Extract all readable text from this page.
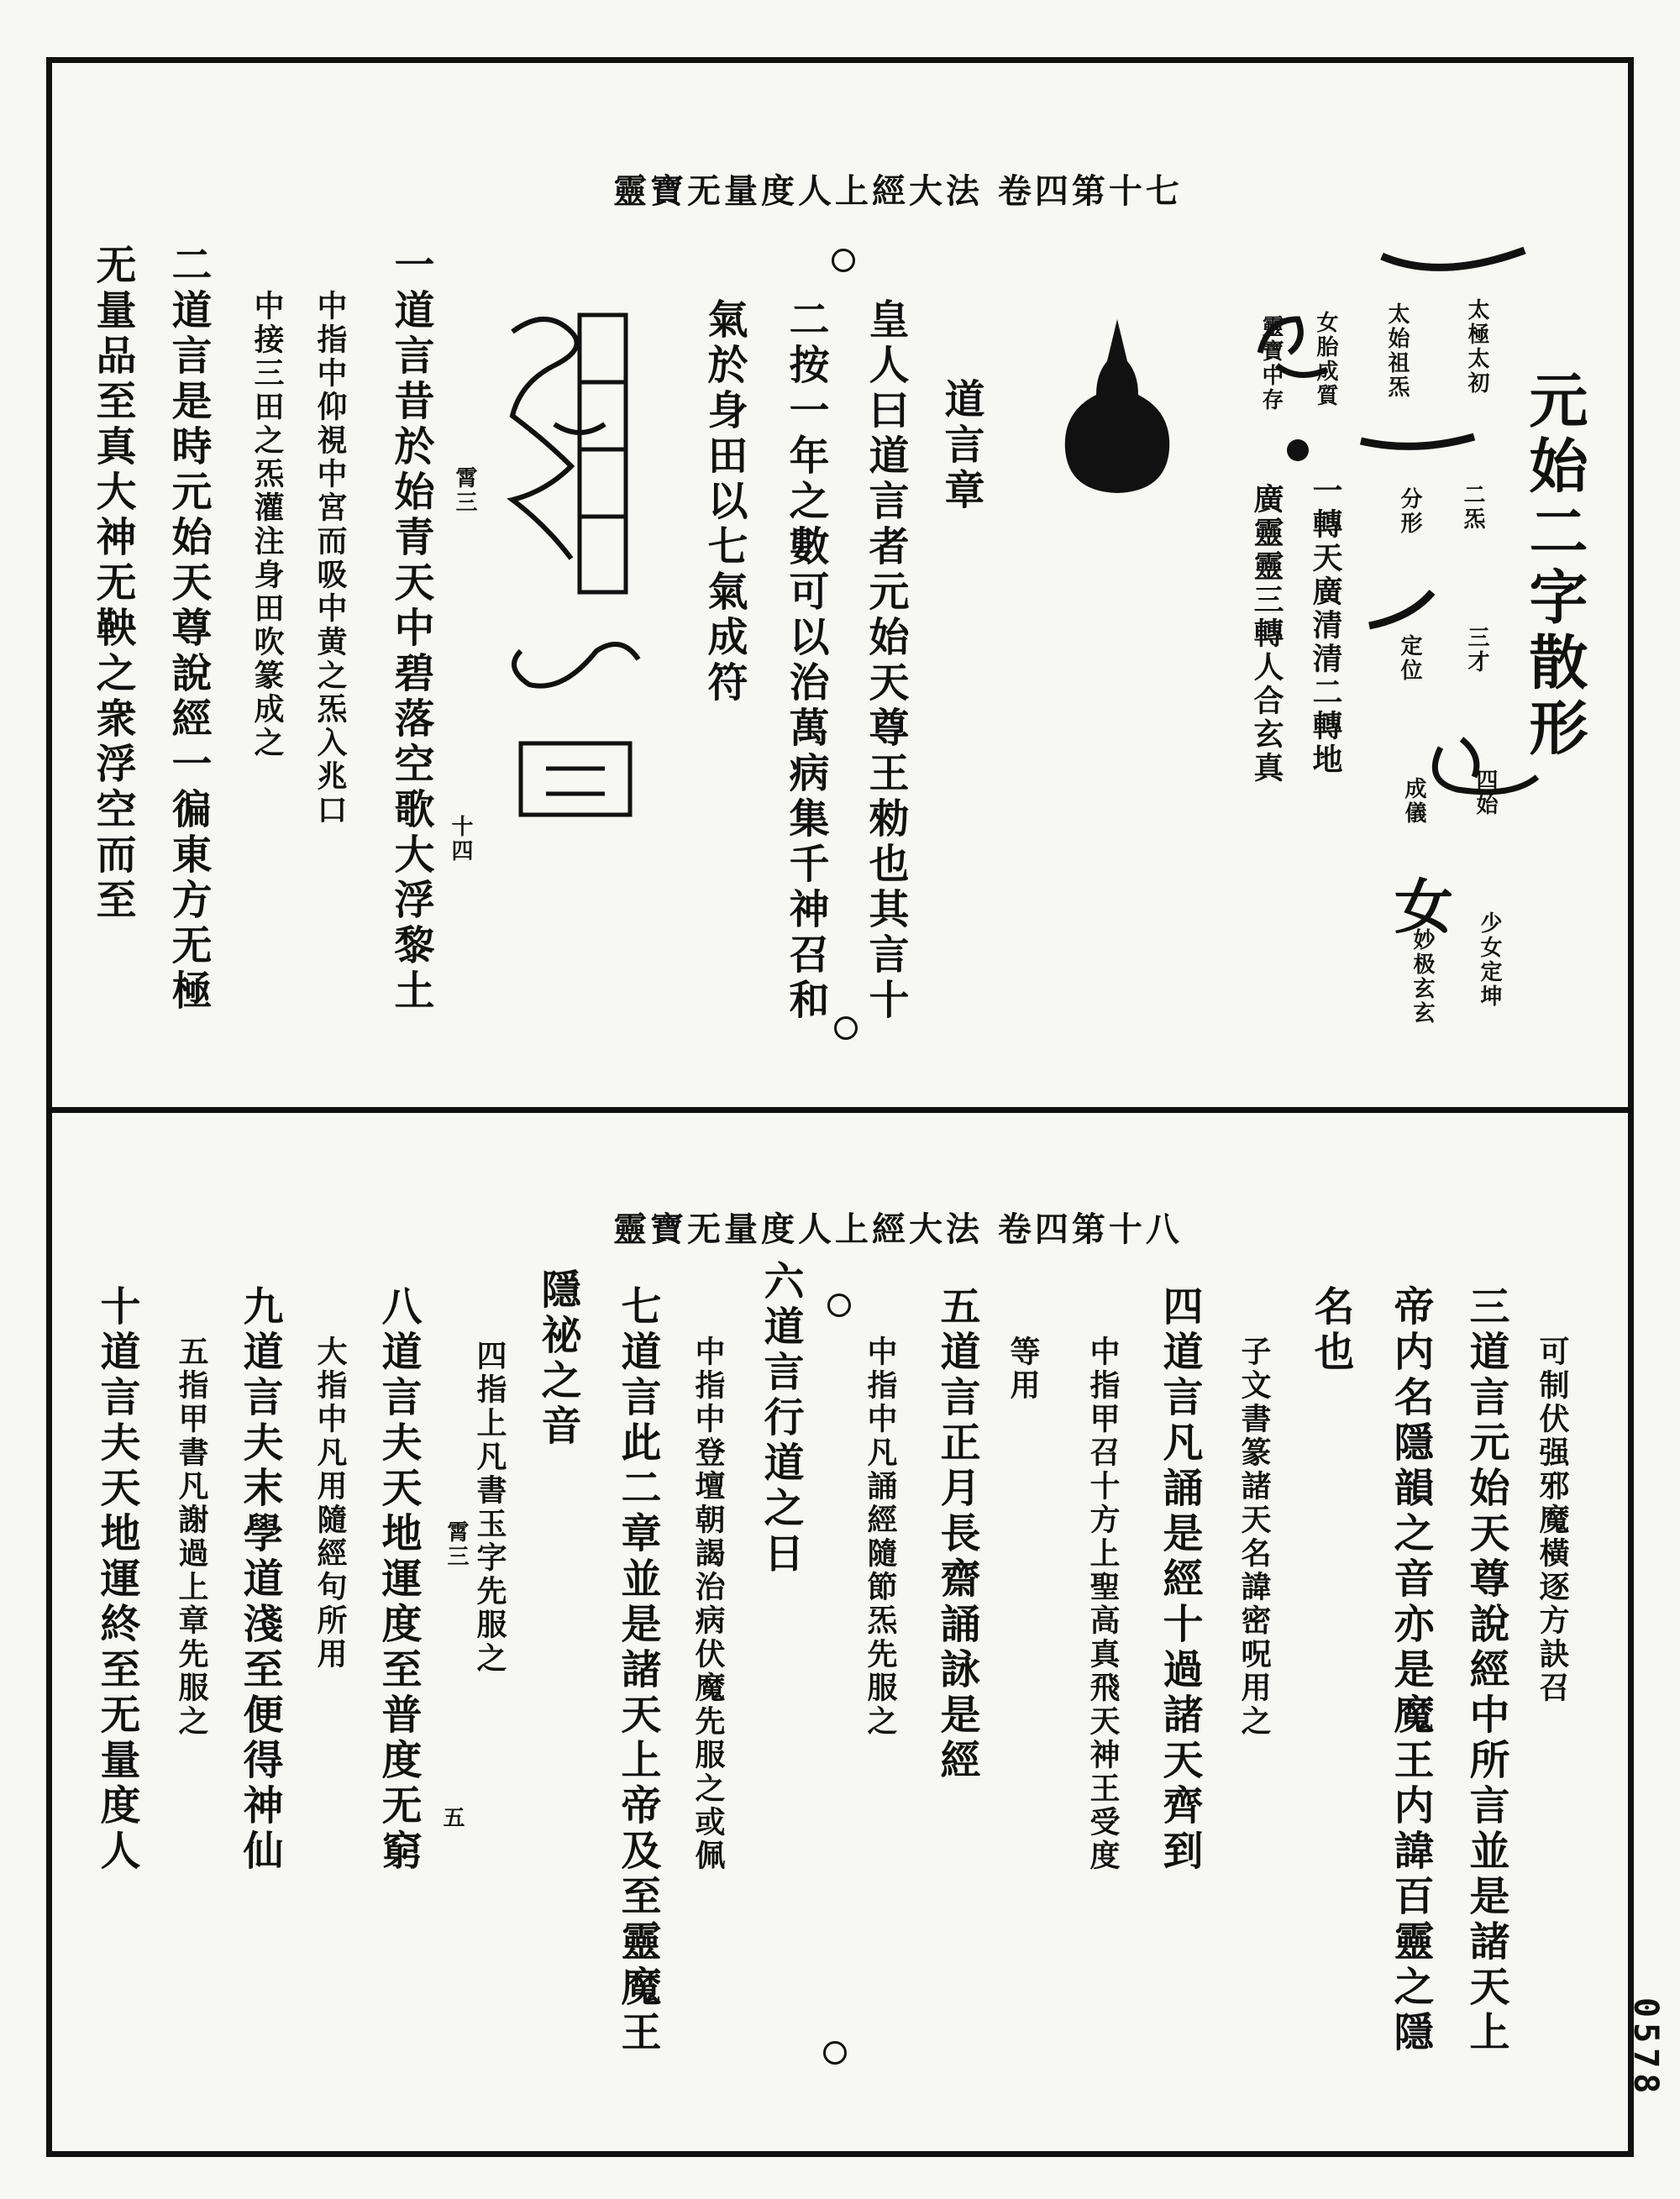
靈寶无量度人上經大法 卷四第十七
元始二字散形
女
太極太初
太始祖炁
二炁
分形
三才
定位
四始
成儀
少女定坤
妙极玄玄
一轉天廣清清二轉地
廣靈靈三轉人合玄真
女胎成質
靈寶中存
道言章
皇人曰道言者元始天尊王勑也其言十
二按一年之數可以治萬病集千神召和
氣於身田以七氣成符
霄三
十四
一道言昔於始青天中碧落空歌大浮黎土
中指中仰視中宮而吸中黄之炁入兆口
中接三田之炁灌注身田吹篆成之
二道言是時元始天尊說經一徧東方无極
无量品至真大神无鞅之衆浮空而至
靈寶无量度人上經大法 卷四第十八
可制伏强邪魔橫逐方訣召
三道言元始天尊說經中所言並是諸天上
帝内名隱韻之音亦是魔王内諱百靈之隱
名也
子文書篆諸天名諱密呪用之
四道言凡誦是經十過諸天齊到
中指甲召十方上聖高真飛天神王受度
等用
五道言正月長齋誦詠是經
中指中凡誦經隨節炁先服之
六道言行道之日
中指中登壇朝謁治病伏魔先服之或佩
七道言此二章並是諸天上帝及至靈魔王
隱祕之音
四指上凡書玉字先服之
霄三
八道言夫天地運度至普度无窮 五
大指中凡用隨經句所用
九道言夫末學道淺至便得神仙
五指甲書凡謝過上章先服之
十道言夫天地運終至无量度人
0578
